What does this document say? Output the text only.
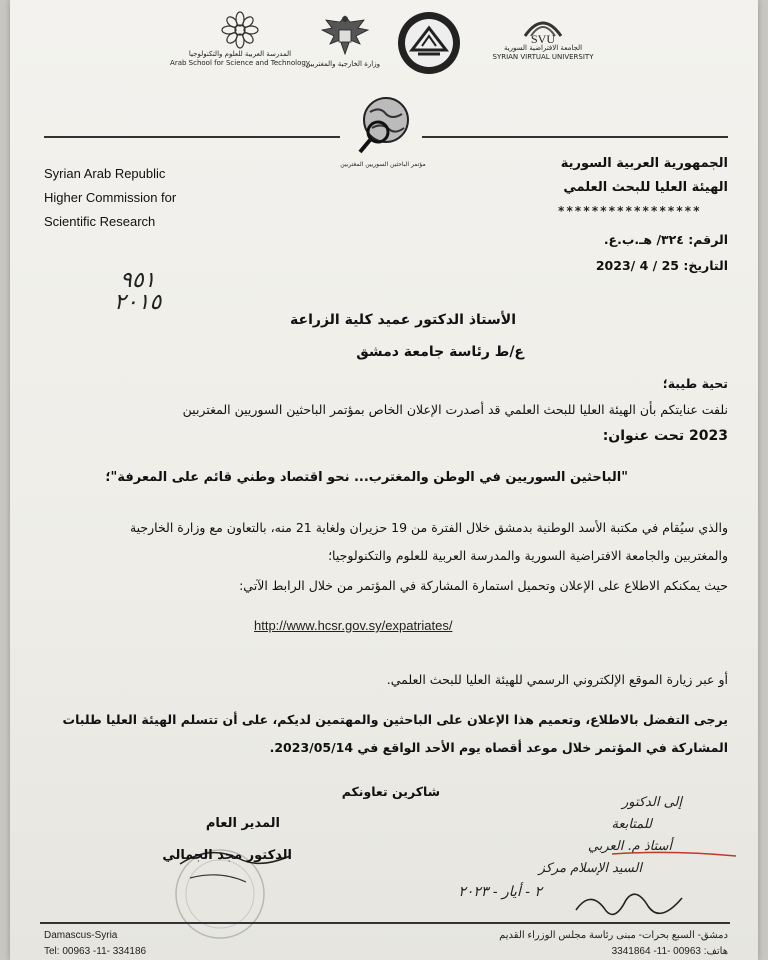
المدرسة العربية للعلوم والتكنولوجيا
Arab School for Science and Technology
وزارة الخارجية والمغتربين
SVU
الجامعة الافتراضية السورية
SYRIAN VIRTUAL UNIVERSITY
مؤتمر الباحثين السوريين المغتربين
Syrian Arab Republic
Higher Commission for
Scientific Research
الجمهورية العربية السورية
الهيئة العليا للبحث العلمي
* * * * * * * * * * * * * * * * *
الرقم: ٣٢٤/ هـ.ب.ع.
التاريخ: 25 / 4 /2023
٩٥١
٢٠١٥
الأستاذ الدكتور عميد كلية الزراعة
ع/ط رئاسة جامعة دمشق
تحية طيبة؛
نلفت عنايتكم بأن الهيئة العليا للبحث العلمي قد أصدرت الإعلان الخاص بمؤتمر الباحثين السوريين المغتربين
2023 تحت عنوان:
"الباحثين السوريين في الوطن والمغترب... نحو اقتصاد وطني قائم على المعرفة"؛
والذي سيُقام في مكتبة الأسد الوطنية بدمشق خلال الفترة من 19 حزيران ولغاية 21 منه، بالتعاون مع وزارة الخارجية
والمغتربين والجامعة الافتراضية السورية والمدرسة العربية للعلوم والتكنولوجيا؛
حيث يمكنكم الاطلاع على الإعلان وتحميل استمارة المشاركة في المؤتمر من خلال الرابط الآتي:
http://www.hcsr.gov.sy/expatriates/
أو عبر زيارة الموقع الإلكتروني الرسمي للهيئة العليا للبحث العلمي.
يرجى التفضل بالاطلاع، وتعميم هذا الإعلان على الباحثين والمهتمين لديكم، على أن تتسلم الهيئة العليا طلبات
المشاركة في المؤتمر خلال موعد أقصاه يوم الأحد الواقع في 2023/05/14.
شاكرين تعاونكم
المدير العام
الدكتور مجد الجمالي
إلى الدكتور
للمتابعة
أستاذ م. العربي
السيد الإسلام مركز
٢ - أيار - ٢٠٢٣
Damascus-Syria
Tel: 00963 -11- 334186
دمشق- السبع بحرات- مبنى رئاسة مجلس الوزراء القديم
هاتف: 00963 -11- 3341864
